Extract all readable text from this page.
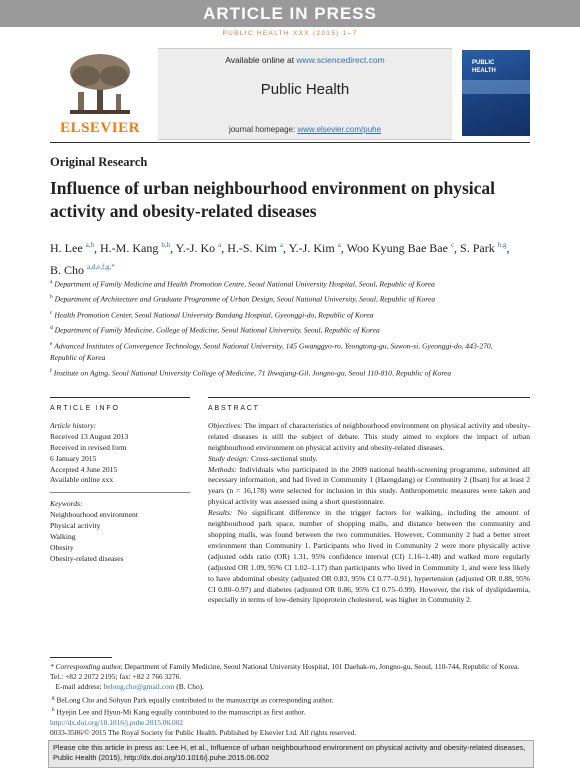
ARTICLE IN PRESS
PUBLIC HEALTH XXX (2015) 1–7
ELSEVIER
Available online at www.sciencedirect.com
Public Health
journal homepage: www.elsevier.com/puhe
PUBLIC
HEALTH
Original Research
Influence of urban neighbourhood environment on physical activity and obesity-related diseases
H. Lee $^{a,h}$, H.-M. Kang $^{b,h}$, Y.-J. Ko $^a$, H.-S. Kim $^a$, Y.-J. Kim $^a$, Woo Kyung Bae Bae $^c$, S. Park $^{b,g}$, B. Cho $^{a,d,e,f,g,*}$

$^a$ Department of Family Medicine and Health Promotion Centre, Seoul National University Hospital, Seoul, Republic of Korea

$^b$ Department of Architecture and Graduate Programme of Urban Design, Seoul National University, Seoul, Republic of Korea

$^c$ Health Promotion Center, Seoul National University Bundang Hospital, Gyeonggi-do, Republic of Korea

$^d$ Department of Family Medicine, College of Medicine, Seoul National University, Seoul, Republic of Korea

$^e$ Advanced Institutes of Convergence Technology, Seoul National University, 145 Gwanggyo-ro, Yeongtong-gu, Suwon-si, Gyeonggi-do, 443-270, Republic of Korea

$^f$ Institute on Aging, Seoul National University College of Medicine, 71 Ihwajang-Gil, Jongno-gu, Seoul 110-810, Republic of Korea

ARTICLE INFO
Article history:
Received 13 August 2013
Received in revised form
6 January 2015
Accepted 4 June 2015
Available online xxx
Keywords:
Neighbourhood environment
Physical activity
Walking
Obesity
Obesity-related diseases
ABSTRACT

Objectives: The impact of characteristics of neighbourhood environment on physical activity and obesity-related diseases is still the subject of debate. This study aimed to explore the impact of urban neighbourhood environment on physical activity and obesity-related diseases.

Study design: Cross-sectional study.

Methods: Individuals who participated in the 2009 national health-screening programme, submitted all necessary information, and had lived in Community 1 (Haengdang) or Community 2 (Ilsan) for at least 2 years (n = 16,178) were selected for inclusion in this study. Anthropometric measures were taken and physical activity was assessed using a short questionnaire.

Results: No significant difference in the trigger factors for walking, including the amount of neighbourhood park space, number of shopping malls, and distance between the community and shopping malls, was found between the two communities. However, Community 2 had a better street environment than Community 1. Participants who lived in Community 2 were more physically active (adjusted odds ratio (OR) 1.31, 95% confidence interval (CI) 1.16–1.48) and walked more regularly (adjusted OR 1.09, 95% CI 1.02–1.17) than participants who lived in Community 1, and were less likely to have abdominal obesity (adjusted OR 0.83, 95% CI 0.77–0.91), hypertension (adjusted OR 0.88, 95% CI 0.80–0.97) and diabetes (adjusted OR 0.86, 95% CI 0.75–0.99). However, the risk of dyslipidaemia, especially in terms of low-density lipoprotein cholesterol, was higher in Community 2.

* Corresponding author. Department of Family Medicine, Seoul National University Hospital, 101 Daehak-ro, Jongno-gu, Seoul, 110-744, Republic of Korea. Tel.: +82 2 2072 2195; fax: +82 2 766 3276.

E-mail address: belong.cho@gmail.com (B. Cho).

$^g$ BeLong Cho and Sohyun Park equally contributed to the manuscript as corresponding author.

$^h$ Hyejin Lee and Hyun-Mi Kang equally contributed to the manuscript as first author.

http://dx.doi.org/10.1016/j.puhe.2015.06.002

0033-3506/© 2015 The Royal Society for Public Health. Published by Elsevier Ltd. All rights reserved.

Please cite this article in press as: Lee H, et al., Influence of urban neighbourhood environment on physical activity and obesity-related diseases, Public Health (2015), http://dx.doi.org/10.1016/j.puhe.2015.06.002
